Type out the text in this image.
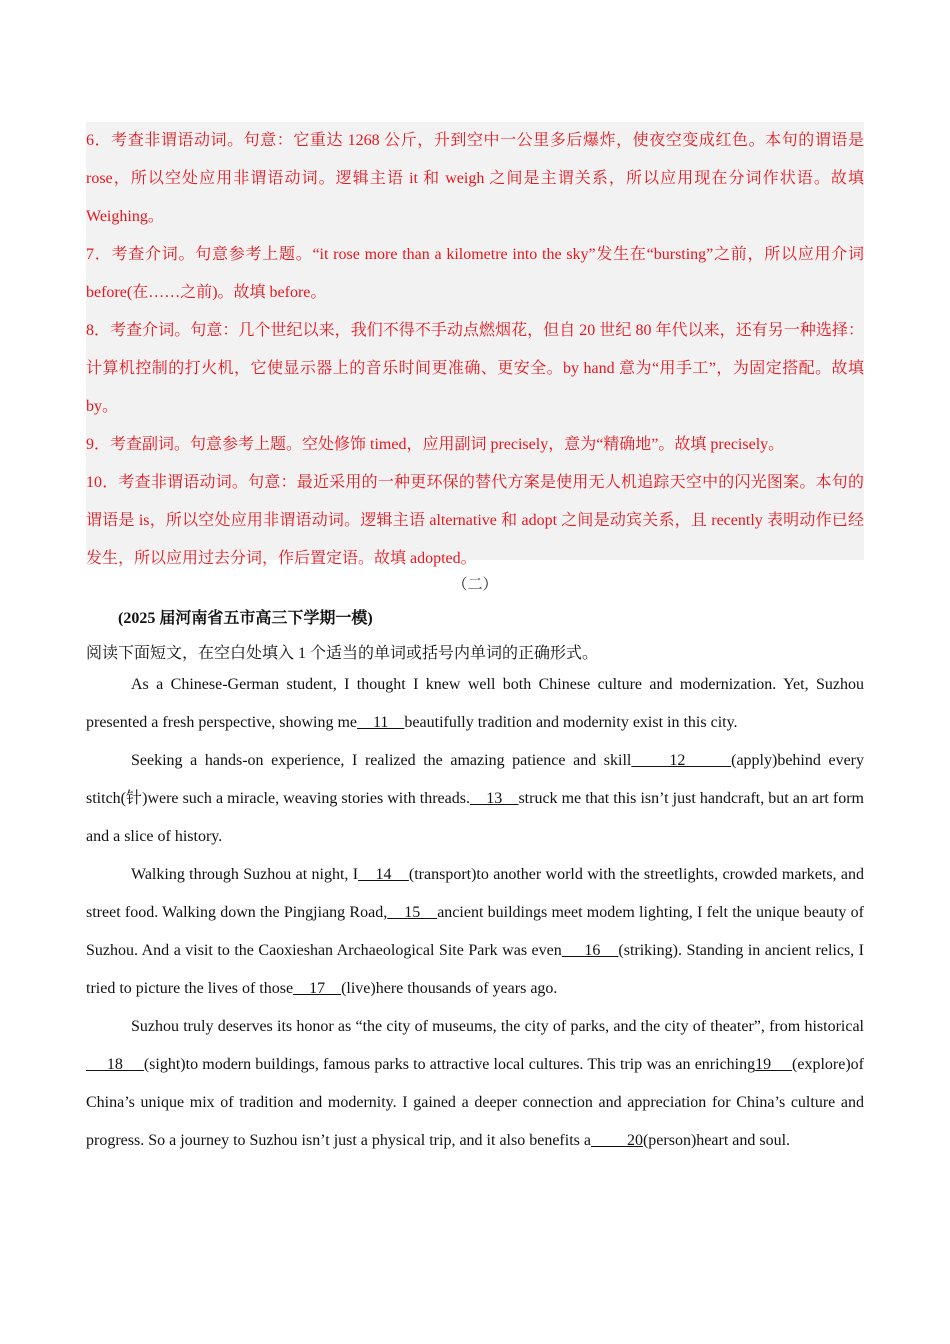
6．考查非谓语动词。句意：它重达 1268 公斤，升到空中一公里多后爆炸，使夜空变成红色。本句的谓语是 rose，所以空处应用非谓语动词。逻辑主语 it 和 weigh 之间是主谓关系，所以应用现在分词作状语。故填 Weighing。

7．考查介词。句意参考上题。“it rose more than a kilometre into the sky”发生在“bursting”之前，所以应用介词 before(在……之前)。故填 before。

8．考查介词。句意：几个世纪以来，我们不得不手动点燃烟花，但自 20 世纪 80 年代以来，还有另一种选择：计算机控制的打火机，它使显示器上的音乐时间更准确、更安全。by hand 意为“用手工”，为固定搭配。故填 by。

9．考查副词。句意参考上题。空处修饰 timed，应用副词 precisely，意为“精确地”。故填 precisely。

10．考查非谓语动词。句意：最近采用的一种更环保的替代方案是使用无人机追踪天空中的闪光图案。本句的谓语是 is，所以空处应用非谓语动词。逻辑主语 alternative 和 adopt 之间是动宾关系，且 recently 表明动作已经发生，所以应用过去分词，作后置定语。故填 adopted。

（二）
(2025 届河南省五市高三下学期一模)
阅读下面短文，在空白处填入 1 个适当的单词或括号内单词的正确形式。

As a Chinese-German student, I thought I knew well both Chinese culture and modernization. Yet, Suzhou presented a fresh perspective, showing me    11    beautifully tradition and modernity exist in this city.

Seeking a hands-on experience, I realized the amazing patience and skill     12      (apply)behind every stitch(针)were such a miracle, weaving stories with threads.    13    struck me that this isn’t just handcraft, but an art form and a slice of history.

Walking through Suzhou at night, I    14    (transport)to another world with the streetlights, crowded markets, and street food. Walking down the Pingjiang Road,    15    ancient buildings meet modem lighting, I felt the unique beauty of Suzhou. And a visit to the Caoxieshan Archaeological Site Park was even     16    (striking). Standing in ancient relics, I tried to picture the lives of those    17    (live)here thousands of years ago.

Suzhou truly deserves its honor as “the city of museums, the city of parks, and the city of theater”, from historical     18     (sight)to modern buildings, famous parks to attractive local cultures. This trip was an enriching19     (explore)of China’s unique mix of tradition and modernity. I gained a deeper connection and appreciation for China’s culture and progress. So a journey to Suzhou isn’t just a physical trip, and it also benefits a         20(person)heart and soul.
